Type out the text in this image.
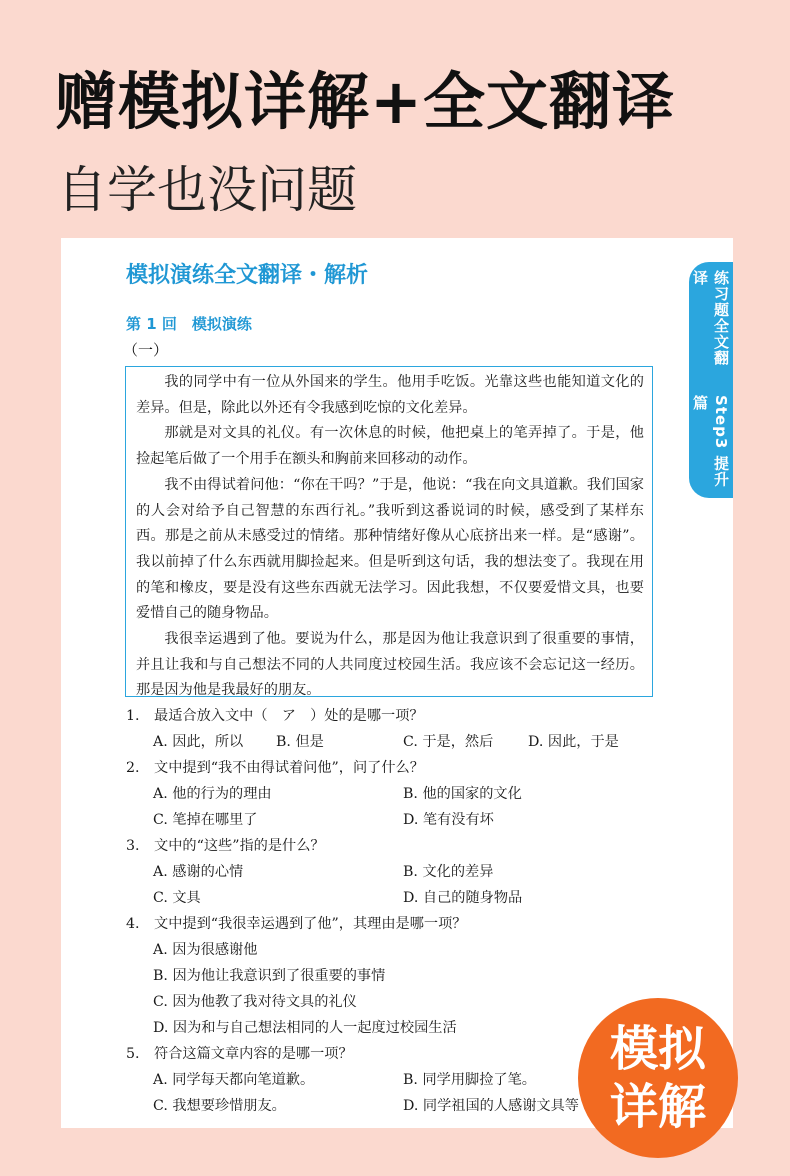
赠模拟详解+全文翻译
自学也没问题
练习题全文翻译
Step3 提升篇
模拟演练全文翻译・解析
第 1 回　模拟演练
（一）

我的同学中有一位从外国来的学生。他用手吃饭。光靠这些也能知道文化的差异。但是，除此以外还有令我感到吃惊的文化差异。

那就是对文具的礼仪。有一次休息的时候，他把桌上的笔弄掉了。于是，他捡起笔后做了一个用手在额头和胸前来回移动的动作。

我不由得试着问他：“你在干吗？”于是，他说：“我在向文具道歉。我们国家的人会对给予自己智慧的东西行礼。”我听到这番说词的时候，感受到了某样东西。那是之前从未感受过的情绪。那种情绪好像从心底挤出来一样。是“感谢”。我以前掉了什么东西就用脚捡起来。但是听到这句话，我的想法变了。我现在用的笔和橡皮，要是没有这些东西就无法学习。因此我想，不仅要爱惜文具，也要爱惜自己的随身物品。

我很幸运遇到了他。要说为什么，那是因为他让我意识到了很重要的事情，并且让我和与自己想法不同的人共同度过校园生活。我应该不会忘记这一经历。那是因为他是我最好的朋友。

1. 最适合放入文中（　ア　）处的是哪一项？
A. 因此，所以 B. 但是	C. 于是，然后 D. 因此，于是
2. 文中提到“我不由得试着问他”，问了什么？
A. 他的行为的理由	B. 他的国家的文化
C. 笔掉在哪里了	D. 笔有没有坏
3. 文中的“这些”指的是什么？
A. 感谢的心情	B. 文化的差异
C. 文具	D. 自己的随身物品
4. 文中提到“我很幸运遇到了他”，其理由是哪一项？
A. 因为很感谢他
B. 因为他让我意识到了很重要的事情
C. 因为他教了我对待文具的礼仪
D. 因为和与自己想法相同的人一起度过校园生活
5. 符合这篇文章内容的是哪一项？
A. 同学每天都向笔道歉。	B. 同学用脚捡了笔。
C. 我想要珍惜朋友。	D. 同学祖国的人感谢文具等
模拟
详解
